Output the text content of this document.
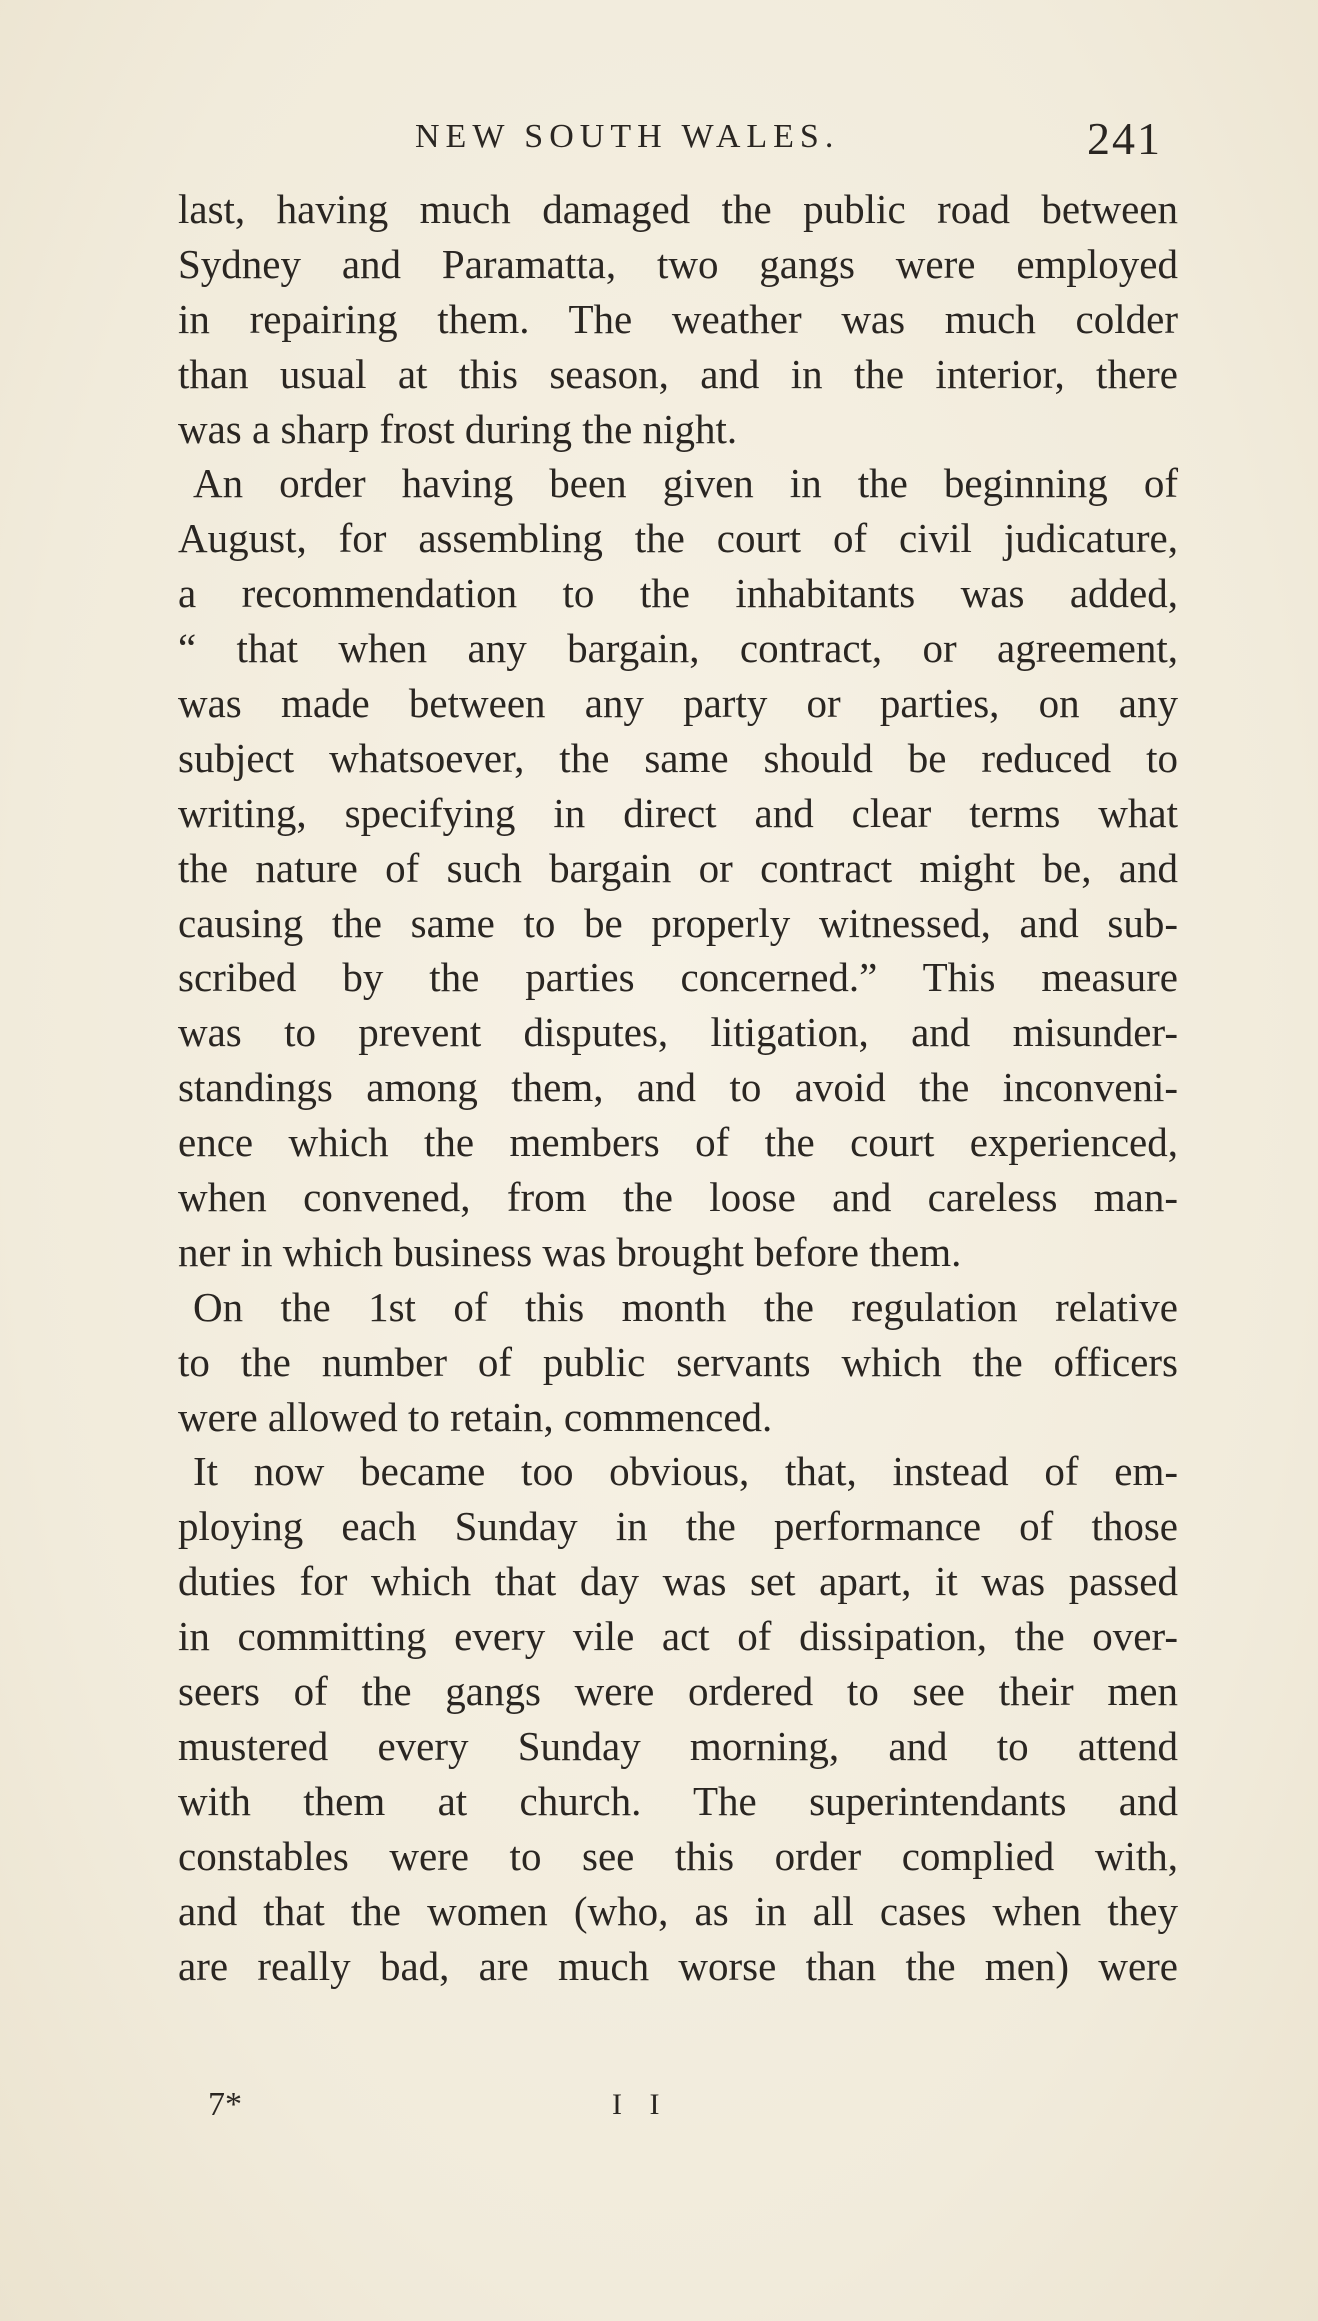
NEW SOUTH WALES.	241
last, having much damaged the public road between
Sydney and Paramatta, two gangs were employed
in repairing them. The weather was much colder
than usual at this season, and in the interior, there
was a sharp frost during the night.
An order having been given in the beginning of
August, for assembling the court of civil judicature,
a recommendation to the inhabitants was added,
“ that when any bargain, contract, or agreement,
was made between any party or parties, on any
subject whatsoever, the same should be reduced to
writing, specifying in direct and clear terms what
the nature of such bargain or contract might be, and
causing the same to be properly witnessed, and sub-
scribed by the parties concerned.” This measure
was to prevent disputes, litigation, and misunder-
standings among them, and to avoid the inconveni-
ence which the members of the court experienced,
when convened, from the loose and careless man-
ner in which business was brought before them.
On the 1st of this month the regulation relative
to the number of public servants which the officers
were allowed to retain, commenced.
It now became too obvious, that, instead of em-
ploying each Sunday in the performance of those
duties for which that day was set apart, it was passed
in committing every vile act of dissipation, the over-
seers of the gangs were ordered to see their men
mustered every Sunday morning, and to attend
with them at church. The superintendants and
constables were to see this order complied with,
and that the women (who, as in all cases when they
are really bad, are much worse than the men) were
7*	I I
